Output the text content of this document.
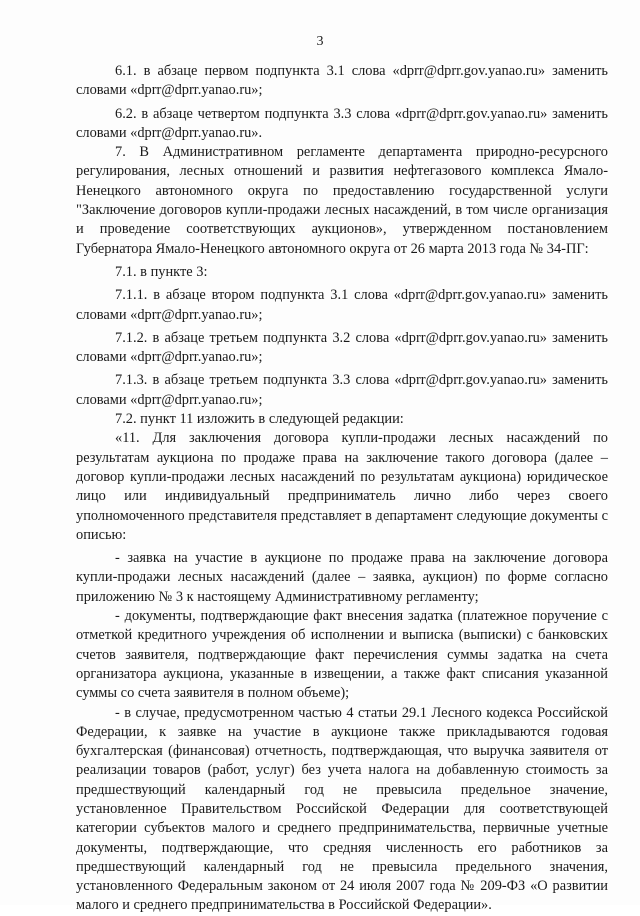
3

6.1. в абзаце первом подпункта 3.1 слова «dprr@dprr.gov.yanao.ru» заменить словами «dprr@dprr.yanao.ru»;

6.2. в абзаце четвертом подпункта 3.3 слова «dprr@dprr.gov.yanao.ru» заменить словами «dprr@dprr.yanao.ru».

7. В Административном регламенте департамента природно-ресурсного регулирования, лесных отношений и развития нефтегазового комплекса Ямало-Ненецкого автономного округа по предоставлению государственной услуги "Заключение договоров купли-продажи лесных насаждений, в том числе организация и проведение соответствующих аукционов», утвержденном постановлением Губернатора Ямало-Ненецкого автономного округа от 26 марта 2013 года № 34-ПГ:

7.1. в пункте 3:

7.1.1. в абзаце втором подпункта 3.1 слова «dprr@dprr.gov.yanao.ru» заменить словами «dprr@dprr.yanao.ru»;

7.1.2. в абзаце третьем подпункта 3.2 слова «dprr@dprr.gov.yanao.ru» заменить словами «dprr@dprr.yanao.ru»;

7.1.3. в абзаце третьем подпункта 3.3 слова «dprr@dprr.gov.yanao.ru» заменить словами «dprr@dprr.yanao.ru»;

7.2. пункт 11 изложить в следующей редакции:

«11. Для заключения договора купли-продажи лесных насаждений по результатам аукциона по продаже права на заключение такого договора (далее – договор купли-продажи лесных насаждений по результатам аукциона) юридическое лицо или индивидуальный предприниматель лично либо через своего уполномоченного представителя представляет в департамент следующие документы с описью:

- заявка на участие в аукционе по продаже права на заключение договора купли-продажи лесных насаждений (далее – заявка, аукцион) по форме согласно приложению № 3 к настоящему Административному регламенту;

- документы, подтверждающие факт внесения задатка (платежное поручение с отметкой кредитного учреждения об исполнении и выписка (выписки) с банковских счетов заявителя, подтверждающие факт перечисления суммы задатка на счета организатора аукциона, указанные в извещении, а также факт списания указанной суммы со счета заявителя в полном объеме);

- в случае, предусмотренном частью 4 статьи 29.1 Лесного кодекса Российской Федерации, к заявке на участие в аукционе также прикладываются годовая бухгалтерская (финансовая) отчетность, подтверждающая, что выручка заявителя от реализации товаров (работ, услуг) без учета налога на добавленную стоимость за предшествующий календарный год не превысила предельное значение, установленное Правительством Российской Федерации для соответствующей категории субъектов малого и среднего предпринимательства, первичные учетные документы, подтверждающие, что средняя численность его работников за предшествующий календарный год не превысила предельного значения, установленного Федеральным законом от 24 июля 2007 года № 209-ФЗ «О развитии малого и среднего предпринимательства в Российской Федерации».
